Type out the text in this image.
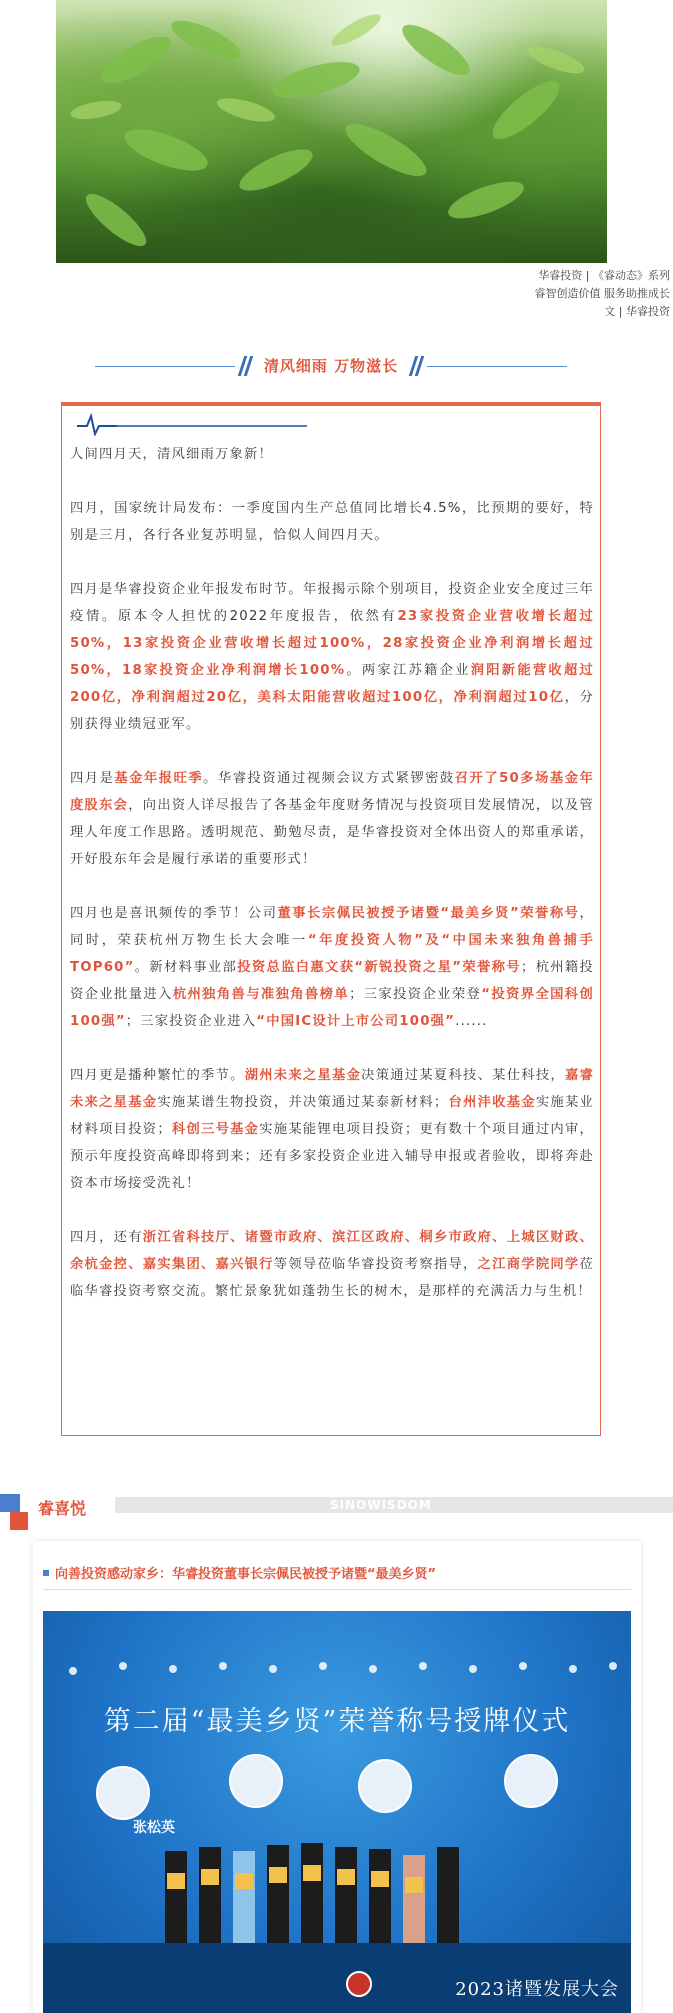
华睿投资 | 《睿动态》系列
睿智创造价值 服务助推成长
文 | 华睿投资
清风细雨 万物滋长

人间四月天，清风细雨万象新！

四月，国家统计局发布：一季度国内生产总值同比增长4.5%，比预期的要好，特别是三月，各行各业复苏明显，恰似人间四月天。

四月是华睿投资企业年报发布时节。年报揭示除个别项目，投资企业安全度过三年疫情。原本令人担忧的2022年度报告，依然有23家投资企业营收增长超过50%，13家投资企业营收增长超过100%，28家投资企业净利润增长超过50%，18家投资企业净利润增长100%。两家江苏籍企业润阳新能营收超过200亿，净利润超过20亿，美科太阳能营收超过100亿，净利润超过10亿，分别获得业绩冠亚军。

四月是基金年报旺季。华睿投资通过视频会议方式紧锣密鼓召开了50多场基金年度股东会，向出资人详尽报告了各基金年度财务情况与投资项目发展情况，以及管理人年度工作思路。透明规范、勤勉尽责，是华睿投资对全体出资人的郑重承诺，开好股东年会是履行承诺的重要形式！

四月也是喜讯频传的季节！公司董事长宗佩民被授予诸暨“最美乡贤”荣誉称号，同时，荣获杭州万物生长大会唯一“年度投资人物”及“中国未来独角兽捕手TOP60”。新材料事业部投资总监白惠文获“新锐投资之星”荣誉称号；杭州籍投资企业批量进入杭州独角兽与准独角兽榜单；三家投资企业荣登“投资界全国科创100强”；三家投资企业进入“中国IC设计上市公司100强”......

四月更是播种繁忙的季节。湖州未来之星基金决策通过某夏科技、某仕科技，嘉睿未来之星基金实施某谱生物投资，并决策通过某泰新材料；台州沣收基金实施某业材料项目投资；科创三号基金实施某能锂电项目投资；更有数十个项目通过内审，预示年度投资高峰即将到来；还有多家投资企业进入辅导申报或者验收，即将奔赴资本市场接受洗礼！

四月，还有浙江省科技厅、诸暨市政府、滨江区政府、桐乡市政府、上城区财政、余杭金控、嘉实集团、嘉兴银行等领导莅临华睿投资考察指导，之江商学院同学莅临华睿投资考察交流。繁忙景象犹如蓬勃生长的树木，是那样的充满活力与生机！

睿喜悦	SINOWISDOM
向善投资感动家乡：华睿投资董事长宗佩民被授予诸暨“最美乡贤”
第二届“最美乡贤”荣誉称号授牌仪式
张松英
2023诸暨发展大会
